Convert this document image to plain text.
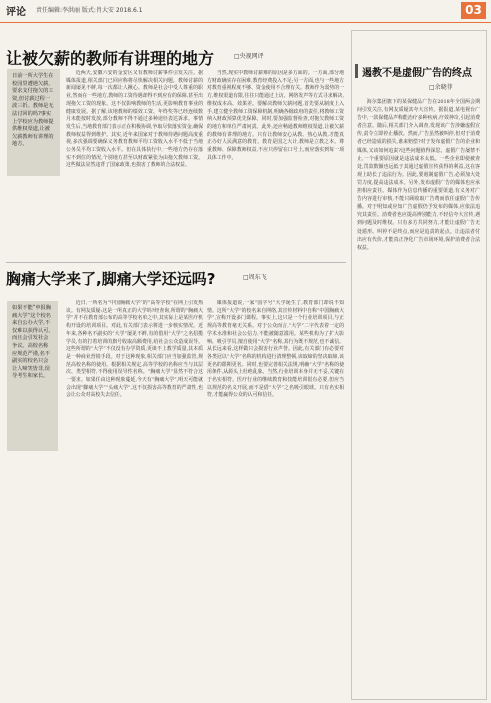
评论 责任编辑:李洪丽 版式:肖大安 2018.6.1	03
让被欠薪的教师有讲理的地方	□央视网评
日前一所大学生在校园里遭遇欠薪,要求支付拖欠的工资,但讨薪过程一波三折。教师是无法讨回的吗?事实上学校应为教师提供维权渠道,让被欠薪教师有讲理的地方。

近两天,安徽六安的金安区又有教师讨薪事件引发关注。据媒体报道,相关部门已回应称将尽快解决相关问题。教师讨薪的新闻屡见不鲜,每一次都让人揪心。教师是社会中受人尊重的职业,然而在一些地方,教师的工资待遇却得不到应有的保障,甚至出现拖欠工资的现象。这不仅影响教师的生活,更影响教育事业的健康发展。据了解,该地教师的绩效工资、年终奖等已经连续数月未能按时发放,部分教师不得不通过多种途径表达诉求。事情发生后,当地教育部门表示正在积极协调,争取尽快落实资金,确保教师权益得到维护。其实,近年来国家对于教师待遇问题高度重视,多次强调要确保义务教育教师平均工资收入水平不低于当地公务员平均工资收入水平。但在具体执行中,一些地方仍存在落实不到位的情况,个别地方甚至以财政紧张为由拖欠教师工资。这些做法显然违背了国家政策,也损害了教师的合法权益。

当然,现实中教师讨薪难的原因是多方面的。一方面,部分地方财政确实存在困难,教育经费投入不足;另一方面,也与一些地方对教育重视程度不够、资金使用不合理有关。教师作为弱势的一方,维权渠道有限,往往只能通过上访、网络发声等方式寻求解决,维权成本高、效果差。要解决教师欠薪问题,首先要从制度上入手,建立健全教师工资保障机制,明确各级政府的责任,将教师工资纳入财政预算优先保障。同时,要加强监督检查,对拖欠教师工资的地方和单位严肃问责。此外,还应畅通教师维权渠道,让被欠薪的教师有讲理的地方。只有让教师安心从教、热心从教,才能真正办好人民满意的教育。教育是国之大计,教师是立教之本。尊重教师、保障教师权益,不应只停留在口号上,而应落实到每一项具体工作中。

胸痛大学来了,脚痛大学还远吗?	□周东飞
如果不能“申报胸痛大学”这个校名来自公办大学,不仅难以获得认可,而且会引发社会争议。高校名称应规范严谨,名不副实的校名只会让人啼笑皆非,误导考生和家长。

近日,一所名为“中国胸痛大学”的“高等学校”在网上引发热议。有网友质疑:这是一所真正的大学吗?经查询,所谓的“胸痛大学”并不在教育部公布的高等学校名单之中,其实际上是某医疗机构开设的培训项目。对此,有关部门表示将进一步核实情况。近年来,各种名不副实的“大学”屡见不鲜,有的借用“大学”之名招揽学员,有的打着培训的旗号收取高额费用,给社会公众造成误导。这些所谓的“大学”不仅没有办学资质,更谈不上教学质量,其本质是一种商业营销手段。对于这种现象,相关部门应当加强监管,规范高校名称的使用。根据相关规定,高等学校的名称应当与其层次、类型相符,不得使用误导性名称。“胸痛大学”显然不符合这一要求。如果任由这种现象蔓延,今天有“胸痛大学”,明天可能就会出现“脚痛大学”“头痛大学”,这不仅损害高等教育的严肃性,也会让公众对高校失去信任。

媒体报道说,一家“国字号”大学诞生了,教育部门却说不知情。这所“大学”的校名来自网络,其宣传材料中自称“中国胸痛大学”,宣称开设多门课程。事实上,这只是一个行业培训项目,与正规高等教育毫无关系。对于公众而言,“大学”二字代表着一定的学术水准和社会公信力,不能被随意滥用。某些机构为了扩大影响、吸引学员,擅自使用“大学”名称,其行为既不规范,也不诚信。从长远来看,这样做只会损害行业声誉。因此,有关部门有必要对各类冠以“大学”名称的机构进行清理整顿,该取缔的坚决取缔,该更名的限期更名。同时,也要完善相关法规,明确“大学”名称的使用条件,从源头上杜绝乱象。当然,行业培训本身并无不妥,关键在于名实相符。医疗行业的继续教育和技能培训很有必要,但应当以规范的名义开展,而不是借“大学”之名吸引眼球。只有名实相符,才能赢得公众的认可和信任。

遏教不是虚假广告的终点
□余晓菲

海尔集团旗下的某保健品广告在2018年全国两会期间引发关注,有网友质疑其夸大宣传。据报道,某电视台广告中,一款保健品声称能治疗多种疾病,疗效神奇,引起消费者注意。随后,相关部门介入调查,发现该广告涉嫌虚假宣传,责令立即停止播放。然而,广告虽然被叫停,但对于消费者已经造成的损失,谁来赔偿?对于发布虚假广告的企业和媒体,又该如何追责?这些问题值得深思。虚假广告屡禁不止,一个重要原因就是违法成本太低。一些企业即使被查处,罚款数额也远低于其通过虚假宣传获得的利益,这在客观上助长了违法行为。因此,要遏制虚假广告,必须加大处罚力度,提高违法成本。另外,发布虚假广告的媒体也应承担相应责任。媒体作为信息传播的重要渠道,有义务对广告内容进行审核,不能只顾收取广告费而放任虚假广告传播。对于明知或应知广告虚假仍予发布的媒体,应依法追究其责任。消费者也应提高辨别能力,不轻信夸大宣传,遇到问题及时维权。只有多方共同努力,才能让虚假广告无处遁形。叫停不是终点,而应是追责的起点。让违法者付出应有代价,才能真正净化广告市场环境,保护消费者合法权益。
